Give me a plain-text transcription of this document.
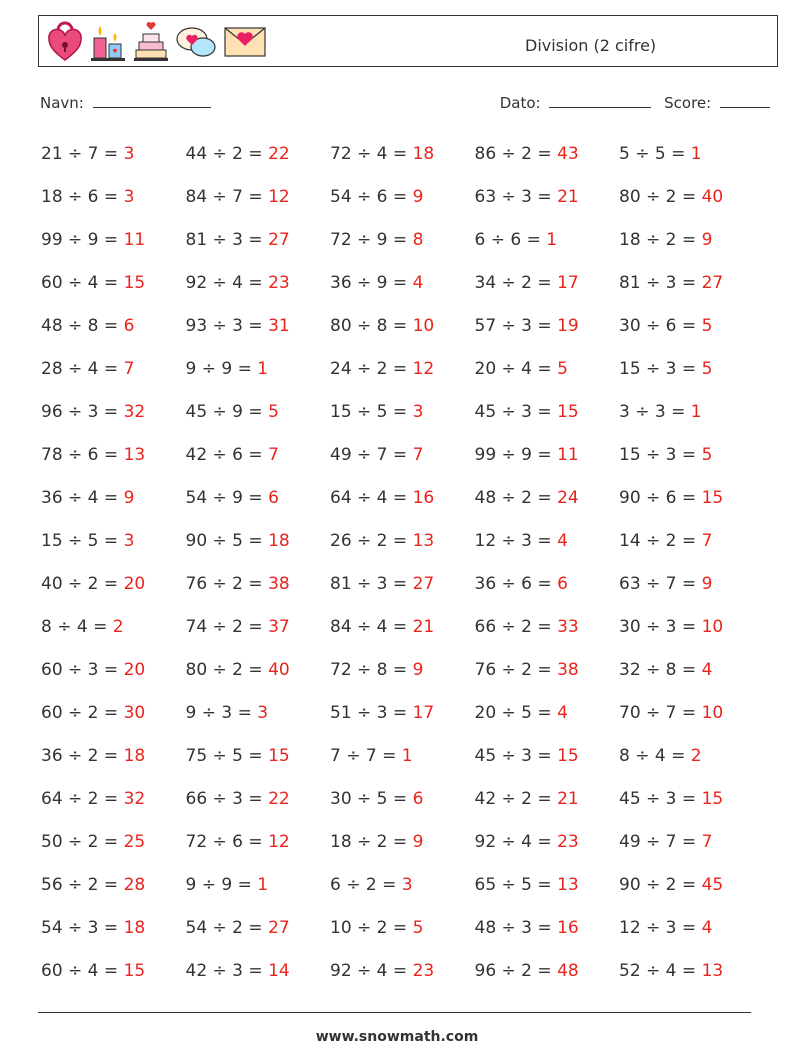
Division (2 cifre)
Navn:	Dato:	Score:
21 ÷ 7 = 3	44 ÷ 2 = 22	72 ÷ 4 = 18	86 ÷ 2 = 43	5 ÷ 5 = 1
18 ÷ 6 = 3	84 ÷ 7 = 12	54 ÷ 6 = 9	63 ÷ 3 = 21	80 ÷ 2 = 40
99 ÷ 9 = 11	81 ÷ 3 = 27	72 ÷ 9 = 8	6 ÷ 6 = 1	18 ÷ 2 = 9
60 ÷ 4 = 15	92 ÷ 4 = 23	36 ÷ 9 = 4	34 ÷ 2 = 17	81 ÷ 3 = 27
48 ÷ 8 = 6	93 ÷ 3 = 31	80 ÷ 8 = 10	57 ÷ 3 = 19	30 ÷ 6 = 5
28 ÷ 4 = 7	9 ÷ 9 = 1	24 ÷ 2 = 12	20 ÷ 4 = 5	15 ÷ 3 = 5
96 ÷ 3 = 32	45 ÷ 9 = 5	15 ÷ 5 = 3	45 ÷ 3 = 15	3 ÷ 3 = 1
78 ÷ 6 = 13	42 ÷ 6 = 7	49 ÷ 7 = 7	99 ÷ 9 = 11	15 ÷ 3 = 5
36 ÷ 4 = 9	54 ÷ 9 = 6	64 ÷ 4 = 16	48 ÷ 2 = 24	90 ÷ 6 = 15
15 ÷ 5 = 3	90 ÷ 5 = 18	26 ÷ 2 = 13	12 ÷ 3 = 4	14 ÷ 2 = 7
40 ÷ 2 = 20	76 ÷ 2 = 38	81 ÷ 3 = 27	36 ÷ 6 = 6	63 ÷ 7 = 9
8 ÷ 4 = 2	74 ÷ 2 = 37	84 ÷ 4 = 21	66 ÷ 2 = 33	30 ÷ 3 = 10
60 ÷ 3 = 20	80 ÷ 2 = 40	72 ÷ 8 = 9	76 ÷ 2 = 38	32 ÷ 8 = 4
60 ÷ 2 = 30	9 ÷ 3 = 3	51 ÷ 3 = 17	20 ÷ 5 = 4	70 ÷ 7 = 10
36 ÷ 2 = 18	75 ÷ 5 = 15	7 ÷ 7 = 1	45 ÷ 3 = 15	8 ÷ 4 = 2
64 ÷ 2 = 32	66 ÷ 3 = 22	30 ÷ 5 = 6	42 ÷ 2 = 21	45 ÷ 3 = 15
50 ÷ 2 = 25	72 ÷ 6 = 12	18 ÷ 2 = 9	92 ÷ 4 = 23	49 ÷ 7 = 7
56 ÷ 2 = 28	9 ÷ 9 = 1	6 ÷ 2 = 3	65 ÷ 5 = 13	90 ÷ 2 = 45
54 ÷ 3 = 18	54 ÷ 2 = 27	10 ÷ 2 = 5	48 ÷ 3 = 16	12 ÷ 3 = 4
60 ÷ 4 = 15	42 ÷ 3 = 14	92 ÷ 4 = 23	96 ÷ 2 = 48	52 ÷ 4 = 13
www.snowmath.com
